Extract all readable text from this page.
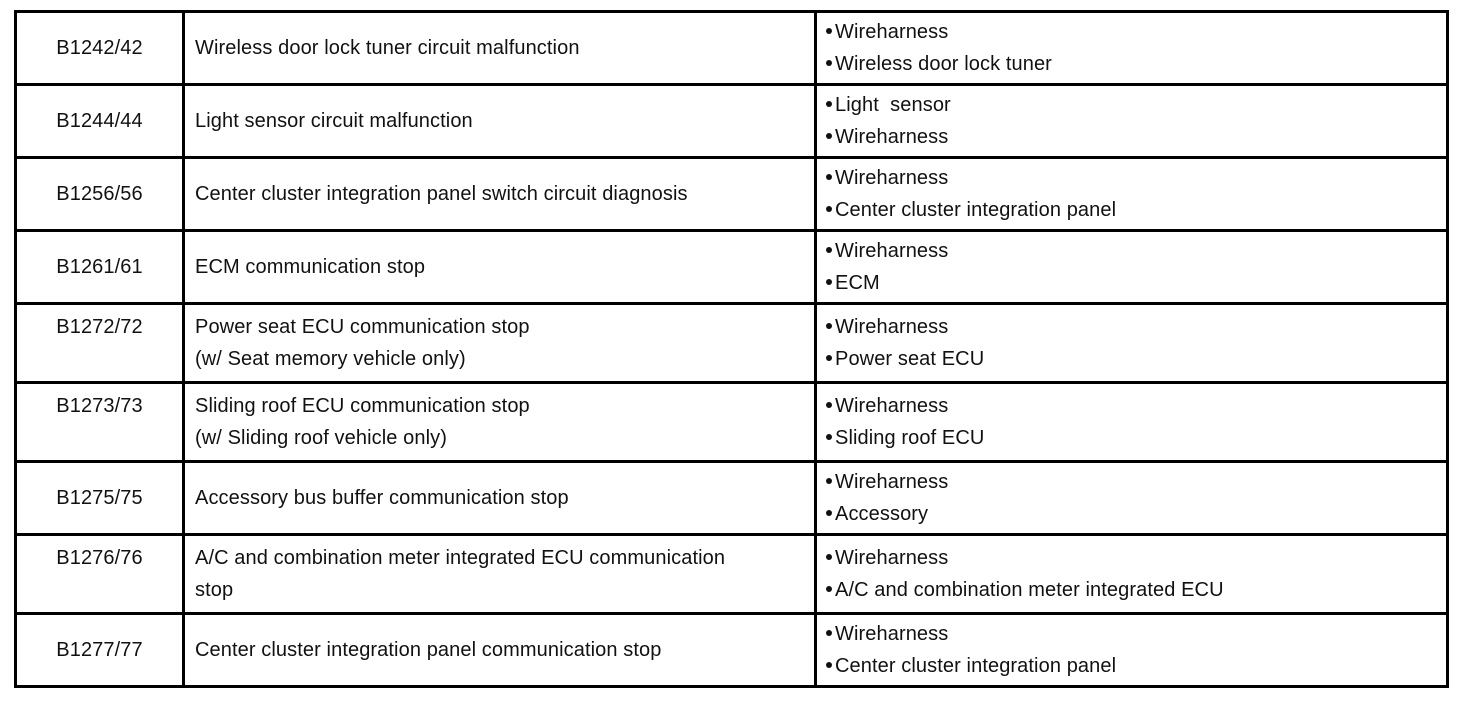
B1242/42	Wireless door lock tuner circuit malfunction	Wireharness
Wireless door lock tuner

B1244/44	Light sensor circuit malfunction	Light  sensor
Wireharness

B1256/56	Center cluster integration panel switch circuit diagnosis	Wireharness
Center cluster integration panel

B1261/61	ECM communication stop	Wireharness
ECM

B1272/72	Power seat ECU communication stop
(w/ Seat memory vehicle only)	Wireharness
Power seat ECU

B1273/73	Sliding roof ECU communication stop
(w/ Sliding roof vehicle only)	Wireharness
Sliding roof ECU

B1275/75	Accessory bus buffer communication stop	Wireharness
Accessory

B1276/76	A/C and combination meter integrated ECU communication
stop	Wireharness
A/C and combination meter integrated ECU

B1277/77	Center cluster integration panel communication stop	Wireharness
Center cluster integration panel
